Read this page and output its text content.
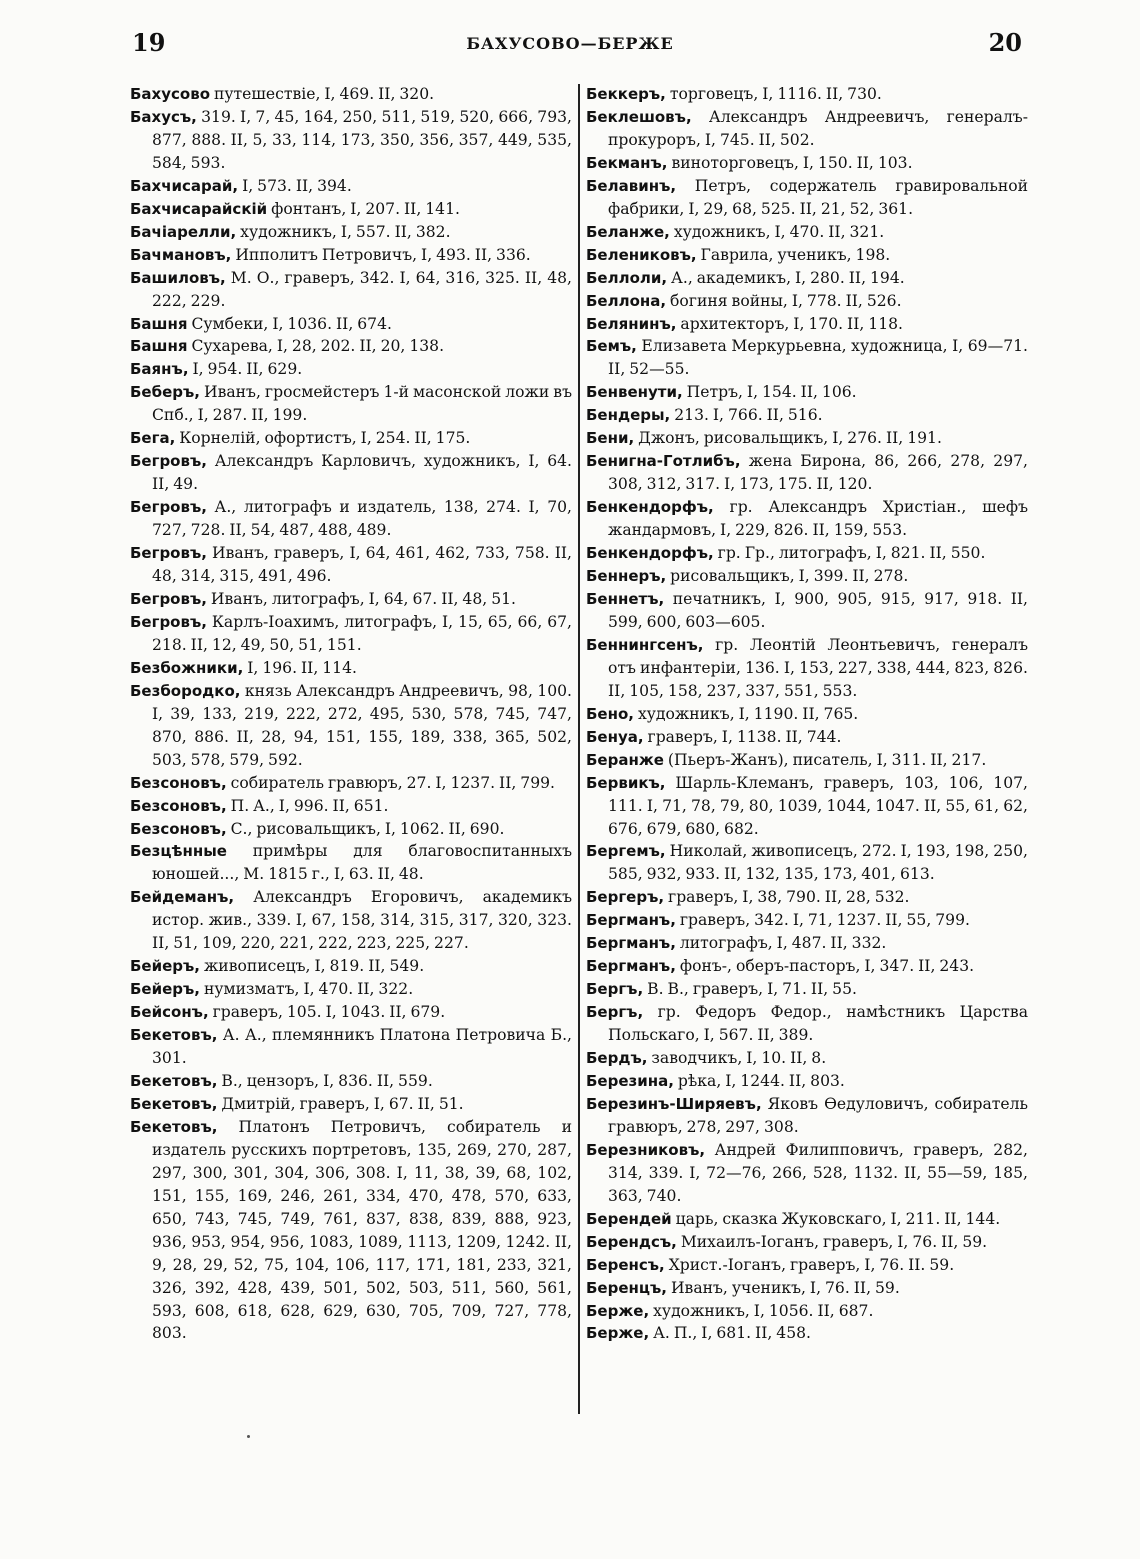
19	БАХУСОВО—БЕРЖЕ	20
Бахусово путешествіе, I, 469. II, 320.
Бахусъ, 319. I, 7, 45, 164, 250, 511, 519, 520, 666, 793, 877, 888. II, 5, 33, 114, 173, 350, 356, 357, 449, 535, 584, 593.
Бахчисарай, I, 573. II, 394.
Бахчисарайскій фонтанъ, I, 207. II, 141.
Бачіарелли, художникъ, I, 557. II, 382.
Бачмановъ, Ипполитъ Петровичъ, I, 493. II, 336.
Башиловъ, М. О., граверъ, 342. I, 64, 316, 325. II, 48, 222, 229.
Башня Сумбеки, I, 1036. II, 674.
Башня Сухарева, I, 28, 202. II, 20, 138.
Баянъ, I, 954. II, 629.
Беберъ, Иванъ, гросмейстеръ 1-й масонской ложи въ Спб., I, 287. II, 199.
Бега, Корнелій, офортистъ, I, 254. II, 175.
Бегровъ, Александръ Карловичъ, художникъ, I, 64. II, 49.
Бегровъ, А., литографъ и издатель, 138, 274. I, 70, 727, 728. II, 54, 487, 488, 489.
Бегровъ, Иванъ, граверъ, I, 64, 461, 462, 733, 758. II, 48, 314, 315, 491, 496.
Бегровъ, Иванъ, литографъ, I, 64, 67. II, 48, 51.
Бегровъ, Карлъ-Іоахимъ, литографъ, I, 15, 65, 66, 67, 218. II, 12, 49, 50, 51, 151.
Безбожники, I, 196. II, 114.
Безбородко, князь Александръ Андреевичъ, 98, 100. I, 39, 133, 219, 222, 272, 495, 530, 578, 745, 747, 870, 886. II, 28, 94, 151, 155, 189, 338, 365, 502, 503, 578, 579, 592.
Безсоновъ, собиратель гравюръ, 27. I, 1237. II, 799.
Безсоновъ, П. А., I, 996. II, 651.
Безсоновъ, С., рисовальщикъ, I, 1062. II, 690.
Безцѣнные примѣры для благовоспитанныхъ юношей..., М. 1815 г., I, 63. II, 48.
Бейдеманъ, Александръ Егоровичъ, академикъ истор. жив., 339. I, 67, 158, 314, 315, 317, 320, 323. II, 51, 109, 220, 221, 222, 223, 225, 227.
Бейеръ, живописецъ, I, 819. II, 549.
Бейеръ, нумизматъ, I, 470. II, 322.
Бейсонъ, граверъ, 105. I, 1043. II, 679.
Бекетовъ, А. А., племянникъ Платона Петровича Б., 301.
Бекетовъ, В., цензоръ, I, 836. II, 559.
Бекетовъ, Дмитрій, граверъ, I, 67. II, 51.
Бекетовъ, Платонъ Петровичъ, собиратель и издатель русскихъ портретовъ, 135, 269, 270, 287, 297, 300, 301, 304, 306, 308. I, 11, 38, 39, 68, 102, 151, 155, 169, 246, 261, 334, 470, 478, 570, 633, 650, 743, 745, 749, 761, 837, 838, 839, 888, 923, 936, 953, 954, 956, 1083, 1089, 1113, 1209, 1242. II, 9, 28, 29, 52, 75, 104, 106, 117, 171, 181, 233, 321, 326, 392, 428, 439, 501, 502, 503, 511, 560, 561, 593, 608, 618, 628, 629, 630, 705, 709, 727, 778, 803.
Беккеръ, торговецъ, I, 1116. II, 730.
Беклешовъ, Александръ Андреевичъ, генералъ-прокуроръ, I, 745. II, 502.
Бекманъ, виноторговецъ, I, 150. II, 103.
Белавинъ, Петръ, содержатель гравировальной фабрики, I, 29, 68, 525. II, 21, 52, 361.
Беланже, художникъ, I, 470. II, 321.
Бeлeниковъ, Гаврила, ученикъ, 198.
Беллоли, А., академикъ, I, 280. II, 194.
Беллона, богиня войны, I, 778. II, 526.
Белянинъ, архитекторъ, I, 170. II, 118.
Бемъ, Елизавета Меркурьевна, художница, I, 69—71. II, 52—55.
Бенвенути, Петръ, I, 154. II, 106.
Бендеры, 213. I, 766. II, 516.
Бени, Джонъ, рисовальщикъ, I, 276. II, 191.
Бенигна-Готлибъ, жена Бирона, 86, 266, 278, 297, 308, 312, 317. I, 173, 175. II, 120.
Бенкендорфъ, гр. Александръ Христіан., шефъ жандармовъ, I, 229, 826. II, 159, 553.
Бенкендорфъ, гр. Гр., литографъ, I, 821. II, 550.
Беннеръ, рисовальщикъ, I, 399. II, 278.
Беннетъ, печатникъ, I, 900, 905, 915, 917, 918. II, 599, 600, 603—605.
Беннингсенъ, гр. Леонтій Леонтьевичъ, генералъ отъ инфантеріи, 136. I, 153, 227, 338, 444, 823, 826. II, 105, 158, 237, 337, 551, 553.
Бено, художникъ, I, 1190. II, 765.
Бенуа, граверъ, I, 1138. II, 744.
Беранже (Пьеръ-Жанъ), писатель, I, 311. II, 217.
Бервикъ, Шарль-Клеманъ, граверъ, 103, 106, 107, 111. I, 71, 78, 79, 80, 1039, 1044, 1047. II, 55, 61, 62, 676, 679, 680, 682.
Бергемъ, Николай, живописецъ, 272. I, 193, 198, 250, 585, 932, 933. II, 132, 135, 173, 401, 613.
Бергеръ, граверъ, I, 38, 790. II, 28, 532.
Бергманъ, граверъ, 342. I, 71, 1237. II, 55, 799.
Бергманъ, литографъ, I, 487. II, 332.
Бергманъ, фонъ-, оберъ-пасторъ, I, 347. II, 243.
Бергъ, В. В., граверъ, I, 71. II, 55.
Бергъ, гр. Федоръ Федор., намѣстникъ Царства Польскаго, I, 567. II, 389.
Бердъ, заводчикъ, I, 10. II, 8.
Березина, рѣка, I, 1244. II, 803.
Березинъ-Ширяевъ, Яковъ Ѳедуловичъ, собиратель гравюръ, 278, 297, 308.
Березниковъ, Андрей Филипповичъ, граверъ, 282, 314, 339. I, 72—76, 266, 528, 1132. II, 55—59, 185, 363, 740.
Берендей царь, сказка Жуковскаго, I, 211. II, 144.
Берендсъ, Михаилъ-Іоганъ, граверъ, I, 76. II, 59.
Беренсъ, Христ.-Іоганъ, граверъ, I, 76. II. 59.
Беренцъ, Иванъ, ученикъ, I, 76. II, 59.
Берже, художникъ, I, 1056. II, 687.
Берже, А. П., I, 681. II, 458.
